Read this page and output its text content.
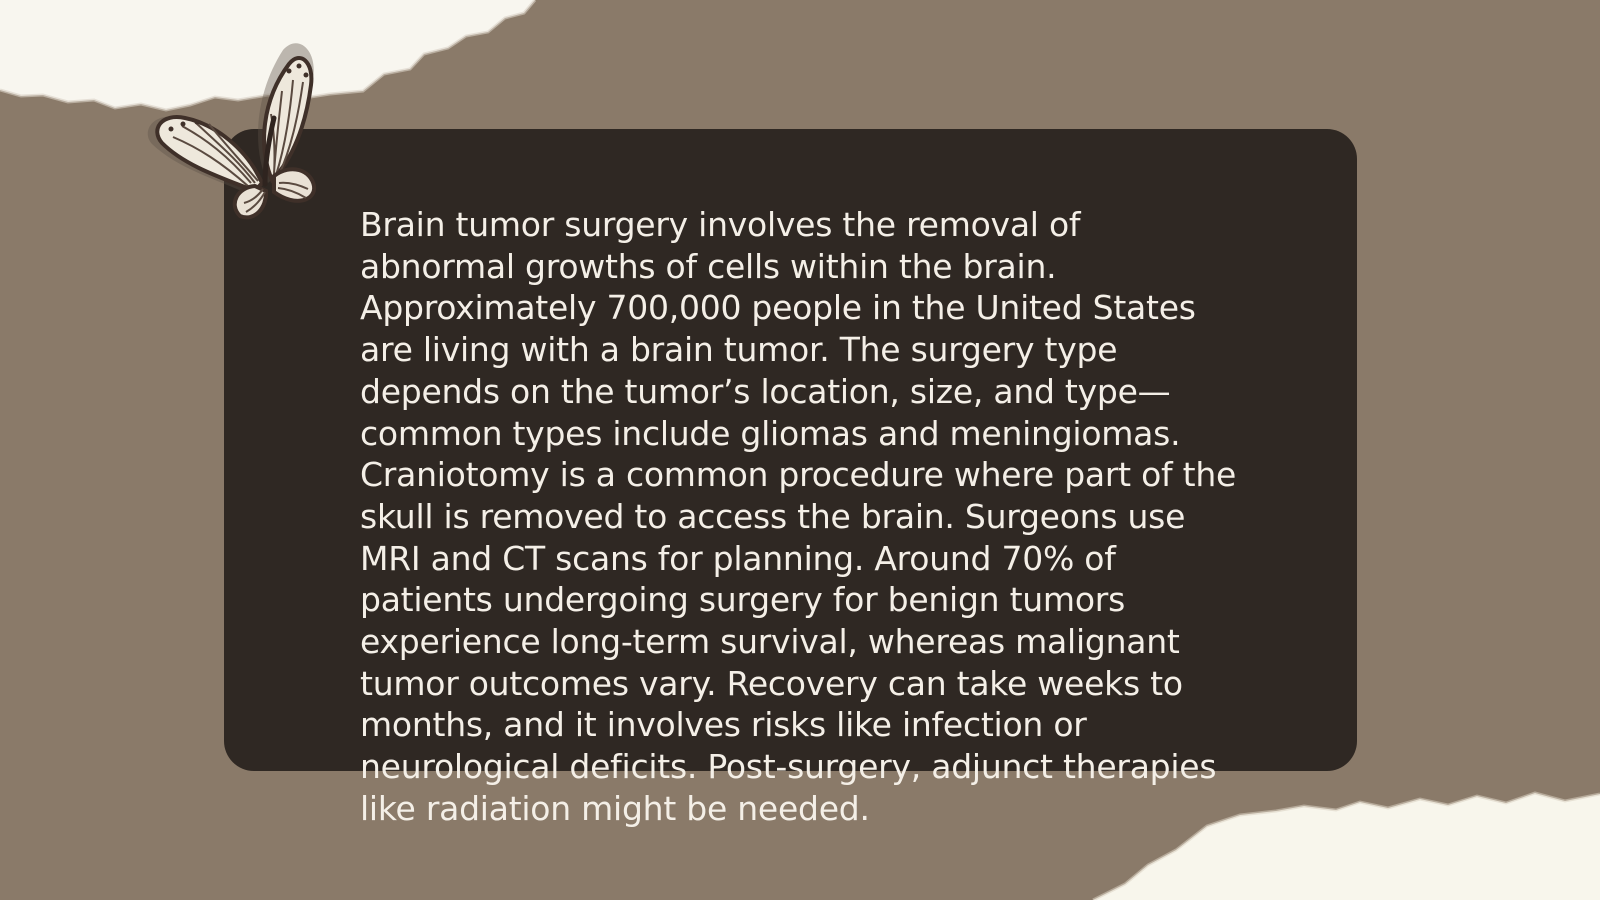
Brain tumor surgery involves the removal of
abnormal growths of cells within the brain.
Approximately 700,000 people in the United States
are living with a brain tumor. The surgery type
depends on the tumor’s location, size, and type—
common types include gliomas and meningiomas.
Craniotomy is a common procedure where part of the
skull is removed to access the brain. Surgeons use
MRI and CT scans for planning. Around 70% of
patients undergoing surgery for benign tumors
experience long-term survival, whereas malignant
tumor outcomes vary. Recovery can take weeks to
months, and it involves risks like infection or
neurological deficits. Post-surgery, adjunct therapies
like radiation might be needed.
